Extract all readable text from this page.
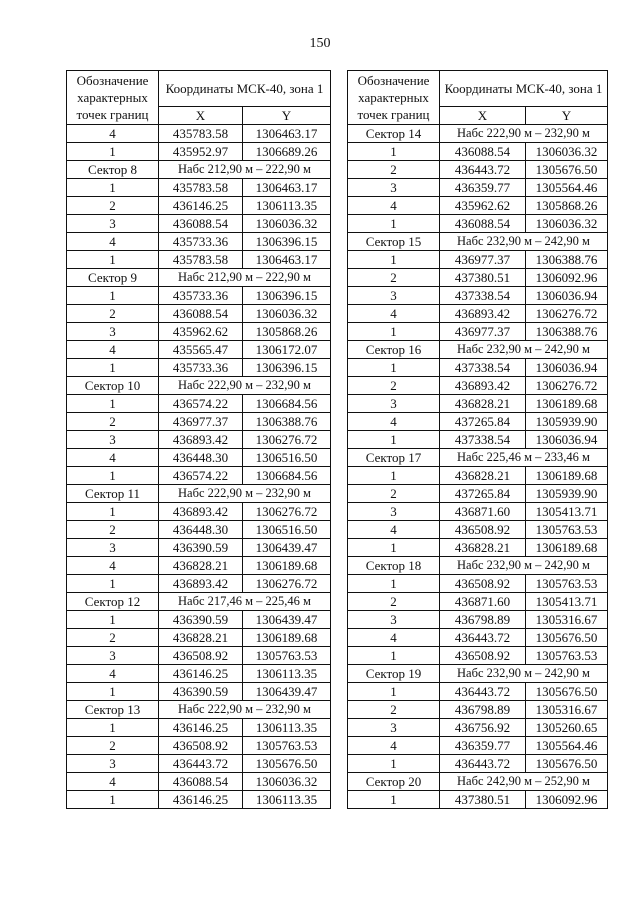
150
Обозначение характерных точек границ	Координаты МСК-40, зона 1	
	X	Y
4	435783.58	1306463.17
1	435952.97	1306689.26
Сектор 8	Набс 212,90 м – 222,90 м	
1	435783.58	1306463.17
2	436146.25	1306113.35
3	436088.54	1306036.32
4	435733.36	1306396.15
1	435783.58	1306463.17
Сектор 9	Набс 212,90 м – 222,90 м	
1	435733.36	1306396.15
2	436088.54	1306036.32
3	435962.62	1305868.26
4	435565.47	1306172.07
1	435733.36	1306396.15
Сектор 10	Набс 222,90 м – 232,90 м	
1	436574.22	1306684.56
2	436977.37	1306388.76
3	436893.42	1306276.72
4	436448.30	1306516.50
1	436574.22	1306684.56
Сектор 11	Набс 222,90 м – 232,90 м	
1	436893.42	1306276.72
2	436448.30	1306516.50
3	436390.59	1306439.47
4	436828.21	1306189.68
1	436893.42	1306276.72
Сектор 12	Набс 217,46 м – 225,46 м	
1	436390.59	1306439.47
2	436828.21	1306189.68
3	436508.92	1305763.53
4	436146.25	1306113.35
1	436390.59	1306439.47
Сектор 13	Набс 222,90 м – 232,90 м	
1	436146.25	1306113.35
2	436508.92	1305763.53
3	436443.72	1305676.50
4	436088.54	1306036.32
1	436146.25	1306113.35
Обозначение характерных точек границ	Координаты МСК-40, зона 1	
	X	Y
Сектор 14	Набс 222,90 м – 232,90 м	
1	436088.54	1306036.32
2	436443.72	1305676.50
3	436359.77	1305564.46
4	435962.62	1305868.26
1	436088.54	1306036.32
Сектор 15	Набс 232,90 м – 242,90 м	
1	436977.37	1306388.76
2	437380.51	1306092.96
3	437338.54	1306036.94
4	436893.42	1306276.72
1	436977.37	1306388.76
Сектор 16	Набс 232,90 м – 242,90 м	
1	437338.54	1306036.94
2	436893.42	1306276.72
3	436828.21	1306189.68
4	437265.84	1305939.90
1	437338.54	1306036.94
Сектор 17	Набс 225,46 м – 233,46 м	
1	436828.21	1306189.68
2	437265.84	1305939.90
3	436871.60	1305413.71
4	436508.92	1305763.53
1	436828.21	1306189.68
Сектор 18	Набс 232,90 м – 242,90 м	
1	436508.92	1305763.53
2	436871.60	1305413.71
3	436798.89	1305316.67
4	436443.72	1305676.50
1	436508.92	1305763.53
Сектор 19	Набс 232,90 м – 242,90 м	
1	436443.72	1305676.50
2	436798.89	1305316.67
3	436756.92	1305260.65
4	436359.77	1305564.46
1	436443.72	1305676.50
Сектор 20	Набс 242,90 м – 252,90 м	
1	437380.51	1306092.96
